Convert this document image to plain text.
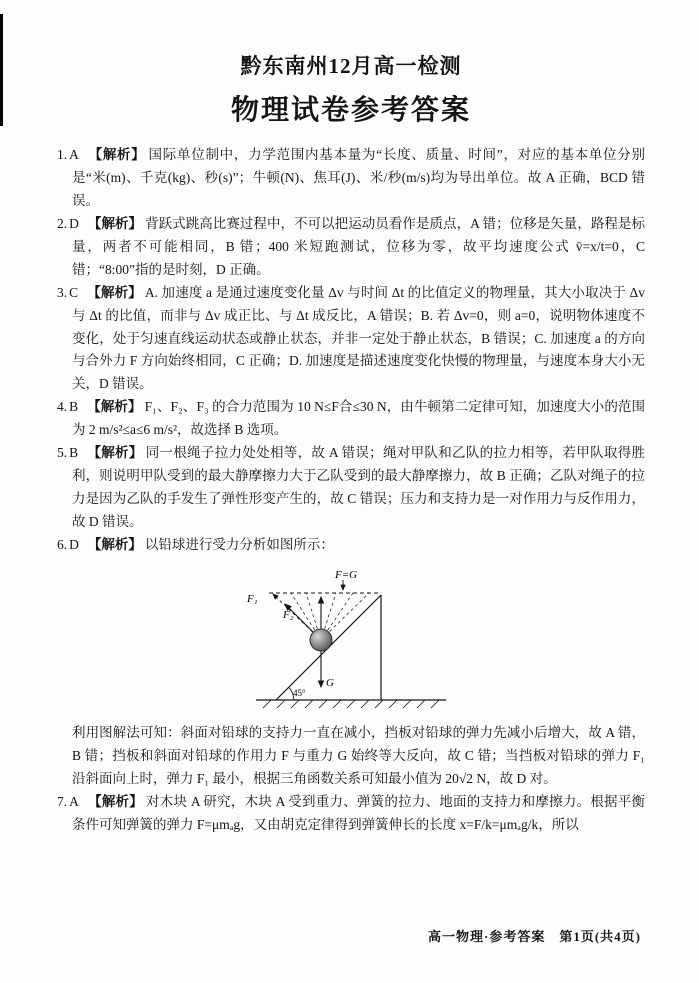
黔东南州12月高一检测
物理试卷参考答案

1. A 【解析】 国际单位制中，力学范围内基本量为“长度、质量、时间”，对应的基本单位分别是“米(m)、千克(kg)、秒(s)”；牛顿(N)、焦耳(J)、米/秒(m/s)均为导出单位。故 A 正确，BCD 错误。

2. D 【解析】 背跃式跳高比赛过程中，不可以把运动员看作是质点，A 错；位移是矢量，路程是标量，两者不可能相同，B 错；400 米短跑测试，位移为零，故平均速度公式 v̄=x/t=0，C 错；“8:00”指的是时刻，D 正确。

3. C 【解析】 A. 加速度 a 是通过速度变化量 Δv 与时间 Δt 的比值定义的物理量，其大小取决于 Δv 与 Δt 的比值，而非与 Δv 成正比、与 Δt 成反比，A 错误；B. 若 Δv=0，则 a=0，说明物体速度不变化，处于匀速直线运动状态或静止状态，并非一定处于静止状态，B 错误；C. 加速度 a 的方向与合外力 F 方向始终相同，C 正确；D. 加速度是描述速度变化快慢的物理量，与速度本身大小无关，D 错误。

4. B 【解析】 F₁、F₂、F₃ 的合力范围为 10 N≤F合≤30 N，由牛顿第二定律可知，加速度大小的范围为 2 m/s²≤a≤6 m/s²，故选择 B 选项。

5. B 【解析】 同一根绳子拉力处处相等，故 A 错误；绳对甲队和乙队的拉力相等，若甲队取得胜利，则说明甲队受到的最大静摩擦力大于乙队受到的最大静摩擦力，故 B 正确；乙队对绳子的拉力是因为乙队的手发生了弹性形变产生的，故 C 错误；压力和支持力是一对作用力与反作用力，故 D 错误。

6. D 【解析】 以铅球进行受力分析如图所示：

45°
F₁
F₂
F=G
G

利用图解法可知：斜面对铅球的支持力一直在减小，挡板对铅球的弹力先减小后增大，故 A 错，B 错；挡板和斜面对铅球的作用力 F 与重力 G 始终等大反向，故 C 错；当挡板对铅球的弹力 F₁ 沿斜面向上时，弹力 F₁ 最小，根据三角函数关系可知最小值为 20√2 N，故 D 对。

7. A 【解析】 对木块 A 研究，木块 A 受到重力、弹簧的拉力、地面的支持力和摩擦力。根据平衡条件可知弹簧的弹力 F=μmₐg，又由胡克定律得到弹簧伸长的长度 x=F/k=μmₐg/k，所以

高一物理·参考答案　第1页(共4页)
